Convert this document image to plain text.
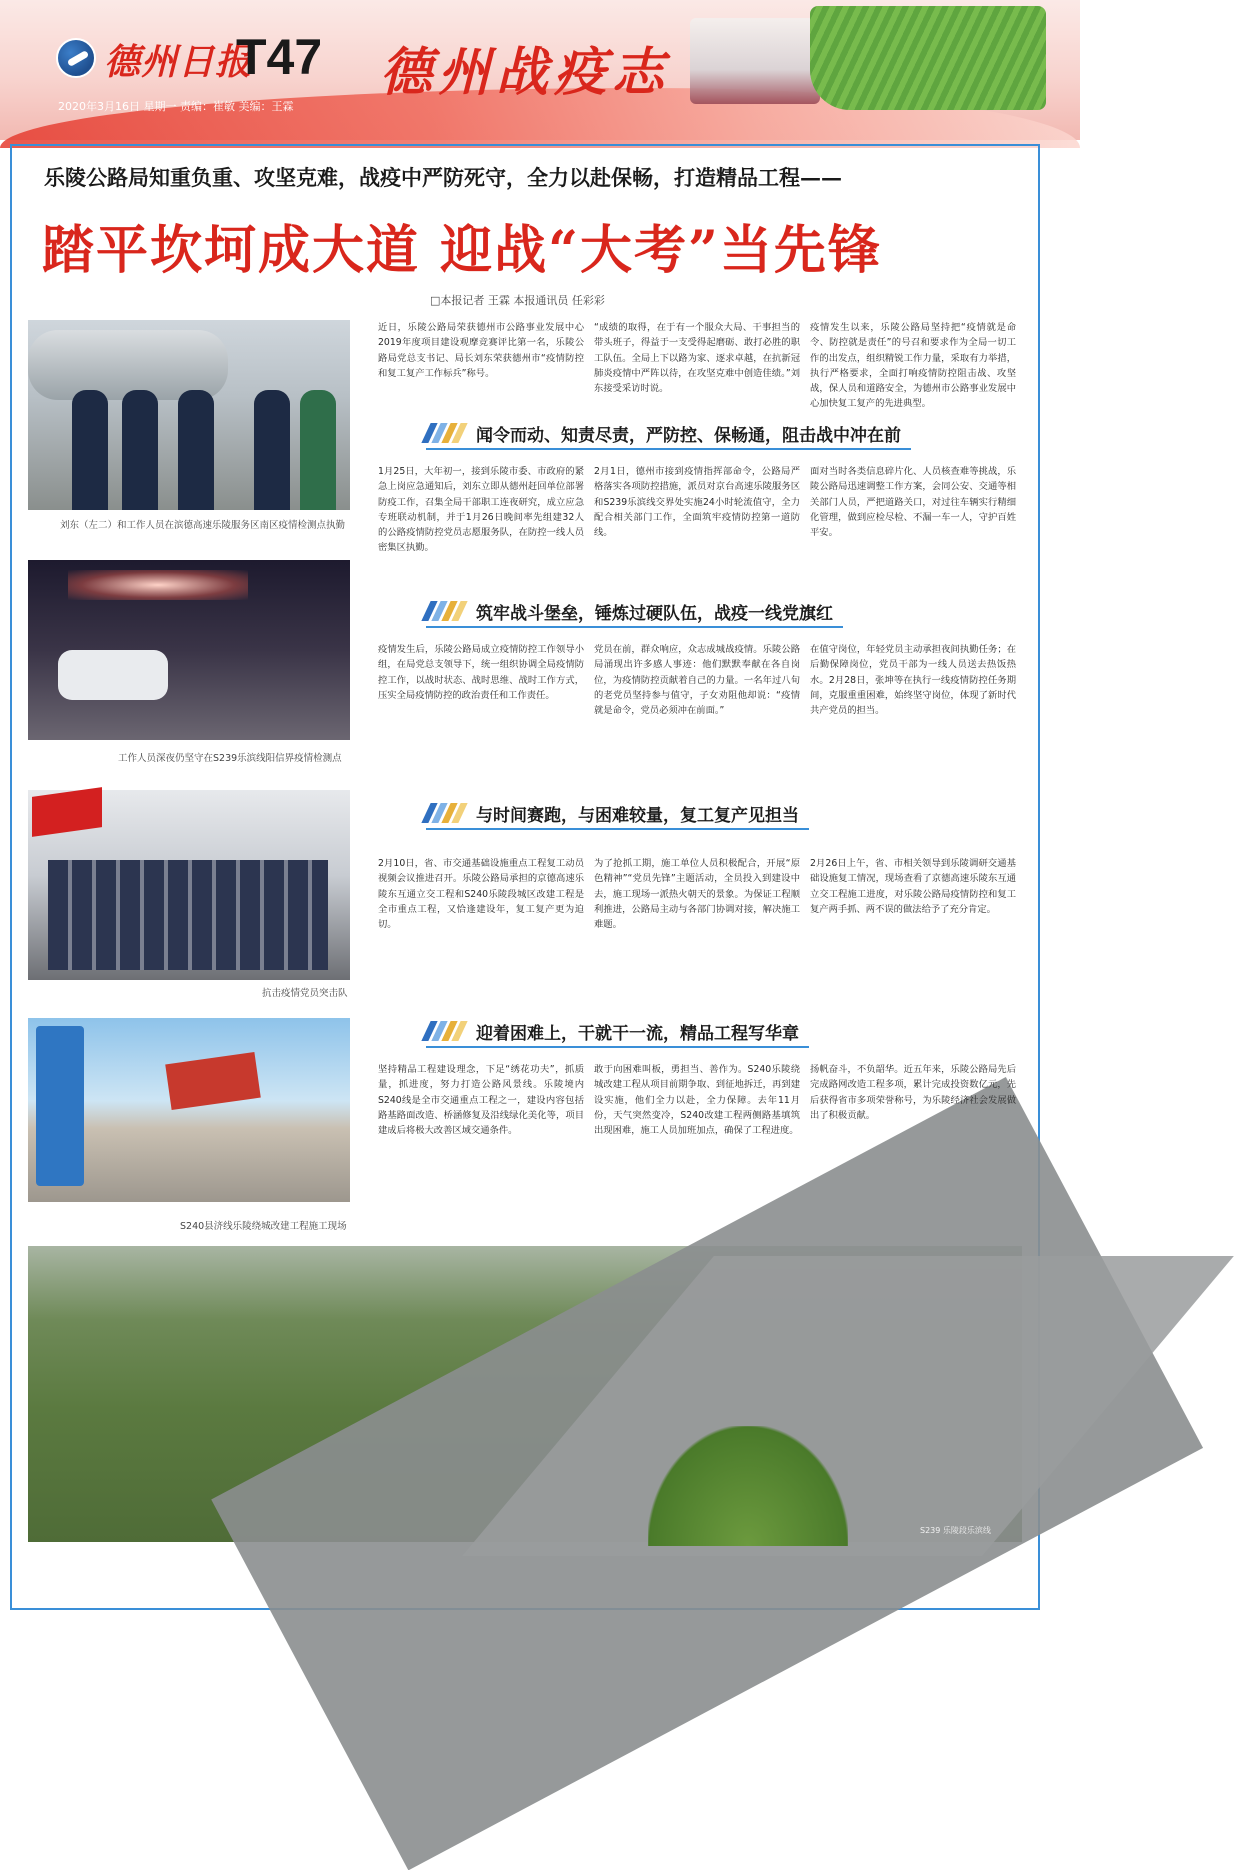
德州日报
T47 德州战疫志
2020年3月16日 星期一 责编：崔敏 美编：王霖
乐陵公路局知重负重、攻坚克难，战疫中严防死守，全力以赴保畅，打造精品工程——
踏平坎坷成大道 迎战“大考”当先锋
□本报记者 王霖 本报通讯员 任彩彩
刘东（左二）和工作人员在滨德高速乐陵服务区南区疫情检测点执勤
工作人员深夜仍坚守在S239乐滨线阳信界疫情检测点
抗击疫情党员突击队
S240县济线乐陵绕城改建工程施工现场
S239 乐陵段乐滨线

近日，乐陵公路局荣获德州市公路事业发展中心2019年度项目建设观摩竞赛评比第一名，乐陵公路局党总支书记、局长刘东荣获德州市“疫情防控和复工复产工作标兵”称号。

“成绩的取得，在于有一个服众大局、干事担当的带头班子，得益于一支受得起磨砺、敢打必胜的职工队伍。全局上下以路为家、逐求卓越，在抗新冠肺炎疫情中严阵以待，在攻坚克难中创造佳绩。”刘东接受采访时说。

疫情发生以来，乐陵公路局坚持把“疫情就是命令、防控就是责任”的号召和要求作为全局一切工作的出发点，组织精锐工作力量，采取有力举措，执行严格要求，全面打响疫情防控阻击战、攻坚战，保人员和道路安全，为德州市公路事业发展中心加快复工复产的先进典型。

闻令而动、知责尽责，严防控、保畅通，阻击战中冲在前

1月25日，大年初一，接到乐陵市委、市政府的紧急上岗应急通知后，刘东立即从德州赶回单位部署防疫工作，召集全局干部职工连夜研究，成立应急专班联动机制，并于1月26日晚间率先组建32人的公路疫情防控党员志愿服务队，在防控一线人员密集区执勤。

2月1日，德州市接到疫情指挥部命令，公路局严格落实各项防控措施，派员对京台高速乐陵服务区和S239乐滨线交界处实施24小时轮流值守，全力配合相关部门工作，全面筑牢疫情防控第一道防线。

面对当时各类信息碎片化、人员核查难等挑战，乐陵公路局迅速调整工作方案，会同公安、交通等相关部门人员，严把道路关口，对过往车辆实行精细化管理，做到应检尽检、不漏一车一人，守护百姓平安。

筑牢战斗堡垒，锤炼过硬队伍，战疫一线党旗红

疫情发生后，乐陵公路局成立疫情防控工作领导小组，在局党总支领导下，统一组织协调全局疫情防控工作，以战时状态、战时思维、战时工作方式，压实全局疫情防控的政治责任和工作责任。

党员在前，群众响应，众志成城战疫情。乐陵公路局涌现出许多感人事迹：他们默默奉献在各自岗位，为疫情防控贡献着自己的力量。一名年过八旬的老党员坚持参与值守，子女劝阻他却说：“疫情就是命令，党员必须冲在前面。”

在值守岗位，年轻党员主动承担夜间执勤任务；在后勤保障岗位，党员干部为一线人员送去热饭热水。2月28日，张坤等在执行一线疫情防控任务期间，克服重重困难，始终坚守岗位，体现了新时代共产党员的担当。

与时间赛跑，与困难较量，复工复产见担当

2月10日，省、市交通基础设施重点工程复工动员视频会议推进召开。乐陵公路局承担的京德高速乐陵东互通立交工程和S240乐陵段城区改建工程是全市重点工程，又恰逢建设年，复工复产更为迫切。

为了抢抓工期，施工单位人员积极配合，开展“原色精神”“党员先锋”主题活动，全员投入到建设中去，施工现场一派热火朝天的景象。为保证工程顺利推进，公路局主动与各部门协调对接，解决施工难题。

2月26日上午，省、市相关领导到乐陵调研交通基础设施复工情况，现场查看了京德高速乐陵东互通立交工程施工进度，对乐陵公路局疫情防控和复工复产两手抓、两不误的做法给予了充分肯定。

迎着困难上，干就干一流，精品工程写华章

坚持精品工程建设理念，下足“绣花功夫”，抓质量，抓进度，努力打造公路风景线。乐陵境内S240线是全市交通重点工程之一，建设内容包括路基路面改造、桥涵修复及沿线绿化美化等，项目建成后将极大改善区域交通条件。

敢于向困难叫板，勇担当、善作为。S240乐陵绕城改建工程从项目前期争取、到征地拆迁，再到建设实施，他们全力以赴，全力保障。去年11月份，天气突然变冷，S240改建工程两侧路基填筑出现困难，施工人员加班加点，确保了工程进度。

扬帆奋斗，不负韶华。近五年来，乐陵公路局先后完成路网改造工程多项，累计完成投资数亿元，先后获得省市多项荣誉称号，为乐陵经济社会发展做出了积极贡献。
